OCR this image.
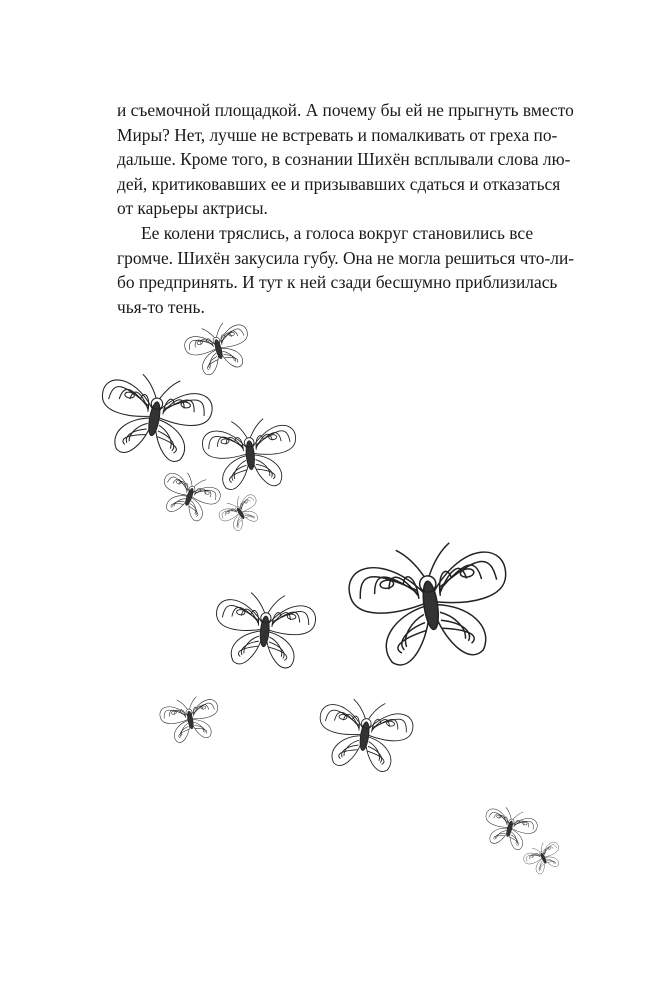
и съемочной площадкой. А почему бы ей не прыгнуть вместо
Миры? Нет, лучше не встревать и помалкивать от греха по-
дальше. Кроме того, в сознании Шихён всплывали слова лю-
дей, критиковавших ее и призывавших сдаться и отказаться
от карьеры актрисы.

Ее колени тряслись, а голоса вокруг становились все
громче. Шихён закусила губу. Она не могла решиться что-ли-
бо предпринять. И тут к ней сзади бесшумно приблизилась
чья-то тень.
